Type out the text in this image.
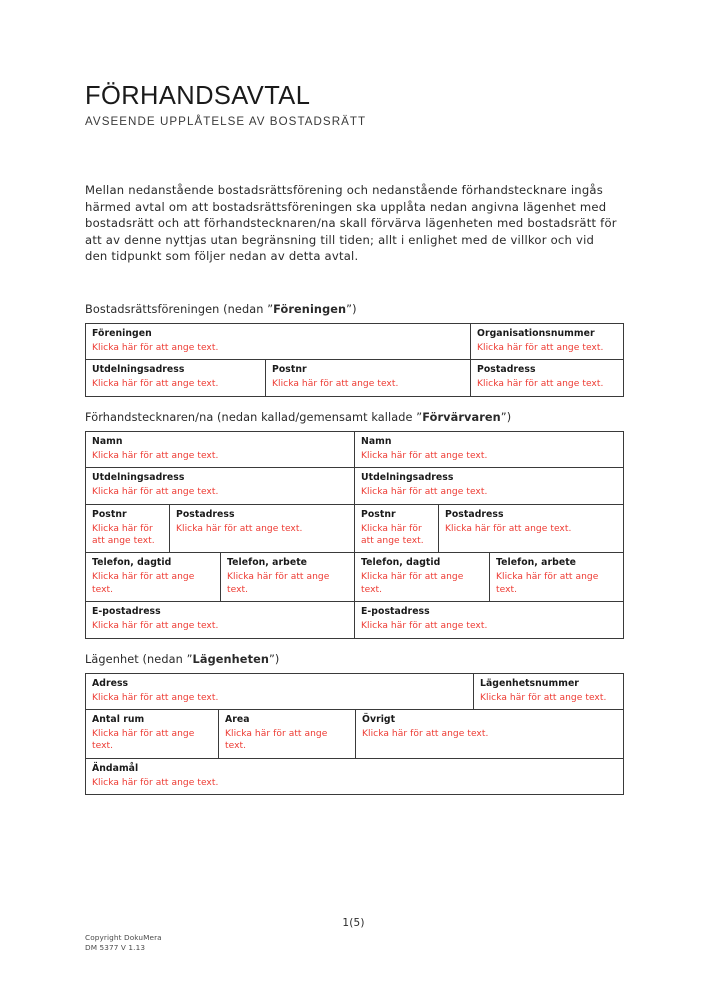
FÖRHANDSAVTAL
AVSEENDE UPPLÅTELSE AV BOSTADSRÄTT

Mellan nedanstående bostadsrättsförening och nedanstående förhandstecknare ingås härmed avtal om att bostadsrättsföreningen ska upplåta nedan angivna lägenhet med bostadsrätt och att förhandstecknaren/na skall förvärva lägenheten med bostadsrätt för att av denne nyttjas utan begränsning till tiden; allt i enlighet med de villkor och vid den tidpunkt som följer nedan av detta avtal.

Bostadsrättsföreningen (nedan ”Föreningen”)
Föreningen
Klicka här för att ange text.

Organisationsnummer
Klicka här för att ange text.
Utdelningsadress
Klicka här för att ange text.

Postnr
Klicka här för att ange text.

Postadress
Klicka här för att ange text.
Förhandstecknaren/na (nedan kallad/gemensamt kallade ”Förvärvaren”)
Namn
Klicka här för att ange text.

Namn
Klicka här för att ange text.
Utdelningsadress
Klicka här för att ange text.

Utdelningsadress
Klicka här för att ange text.
Postnr
Klicka här för att ange text.

Postadress
Klicka här för att ange text.

Postnr
Klicka här för att ange text.

Postadress
Klicka här för att ange text.
Telefon, dagtid
Klicka här för att ange text.

Telefon, arbete
Klicka här för att ange text.

Telefon, dagtid
Klicka här för att ange text.

Telefon, arbete
Klicka här för att ange text.
E-postadress
Klicka här för att ange text.

E-postadress
Klicka här för att ange text.
Lägenhet (nedan ”Lägenheten”)
Adress
Klicka här för att ange text.

Lägenhetsnummer
Klicka här för att ange text.
Antal rum
Klicka här för att ange text.

Area
Klicka här för att ange text.

Övrigt
Klicka här för att ange text.
Ändamål
Klicka här för att ange text.
1(5)
Copyright DokuMera
DM 5377 V 1.13
